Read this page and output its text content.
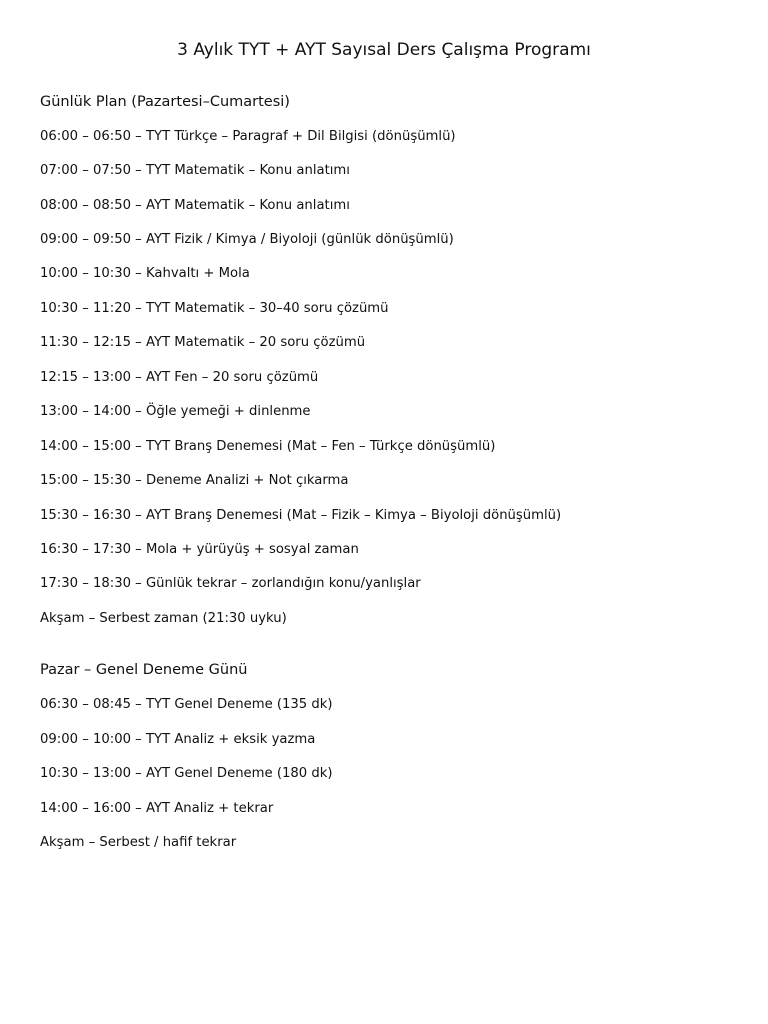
3 Aylık TYT + AYT Sayısal Ders Çalışma Programı
Günlük Plan (Pazartesi–Cumartesi)
06:00 – 06:50 – TYT Türkçe – Paragraf + Dil Bilgisi (dönüşümlü)
07:00 – 07:50 – TYT Matematik – Konu anlatımı
08:00 – 08:50 – AYT Matematik – Konu anlatımı
09:00 – 09:50 – AYT Fizik / Kimya / Biyoloji (günlük dönüşümlü)
10:00 – 10:30 – Kahvaltı + Mola
10:30 – 11:20 – TYT Matematik – 30–40 soru çözümü
11:30 – 12:15 – AYT Matematik – 20 soru çözümü
12:15 – 13:00 – AYT Fen – 20 soru çözümü
13:00 – 14:00 – Öğle yemeği + dinlenme
14:00 – 15:00 – TYT Branş Denemesi (Mat – Fen – Türkçe dönüşümlü)
15:00 – 15:30 – Deneme Analizi + Not çıkarma
15:30 – 16:30 – AYT Branş Denemesi (Mat – Fizik – Kimya – Biyoloji dönüşümlü)
16:30 – 17:30 – Mola + yürüyüş + sosyal zaman
17:30 – 18:30 – Günlük tekrar – zorlandığın konu/yanlışlar
Akşam – Serbest zaman (21:30 uyku)
Pazar – Genel Deneme Günü
06:30 – 08:45 – TYT Genel Deneme (135 dk)
09:00 – 10:00 – TYT Analiz + eksik yazma
10:30 – 13:00 – AYT Genel Deneme (180 dk)
14:00 – 16:00 – AYT Analiz + tekrar
Akşam – Serbest / hafif tekrar
